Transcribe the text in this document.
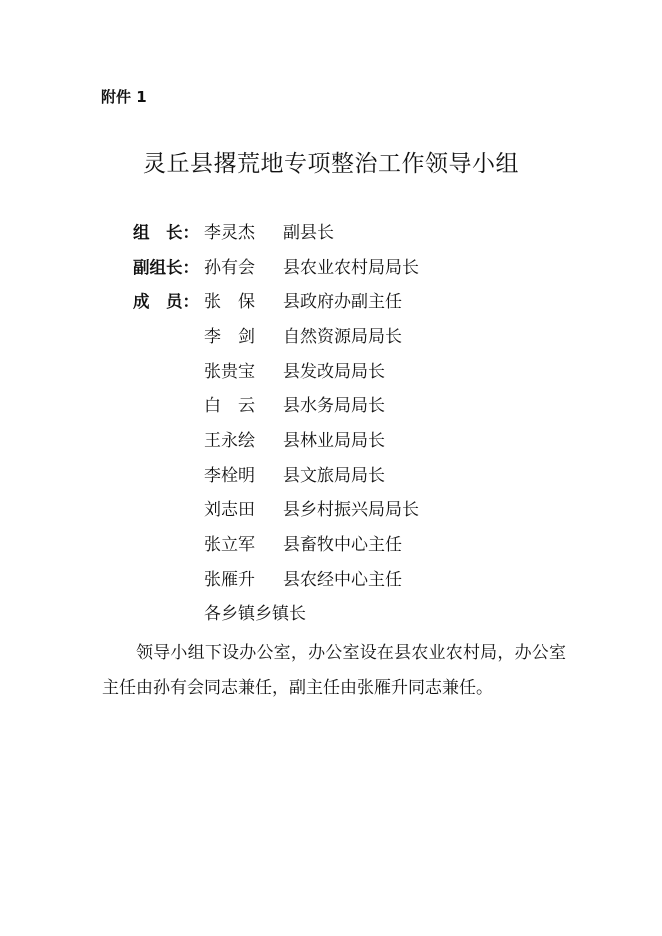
附件 1
灵丘县撂荒地专项整治工作领导小组
组　长： 李灵杰 副县长
副组长： 孙有会 县农业农村局局长
成　员： 张　保 县政府办副主任
李　剑 自然资源局局长
张贵宝 县发改局局长
白　云 县水务局局长
王永绘 县林业局局长
李栓明 县文旅局局长
刘志田 县乡村振兴局局长
张立军 县畜牧中心主任
张雁升 县农经中心主任
各乡镇乡镇长
领导小组下设办公室，办公室设在县农业农村局，办公室主任由孙有会同志兼任，副主任由张雁升同志兼任。
